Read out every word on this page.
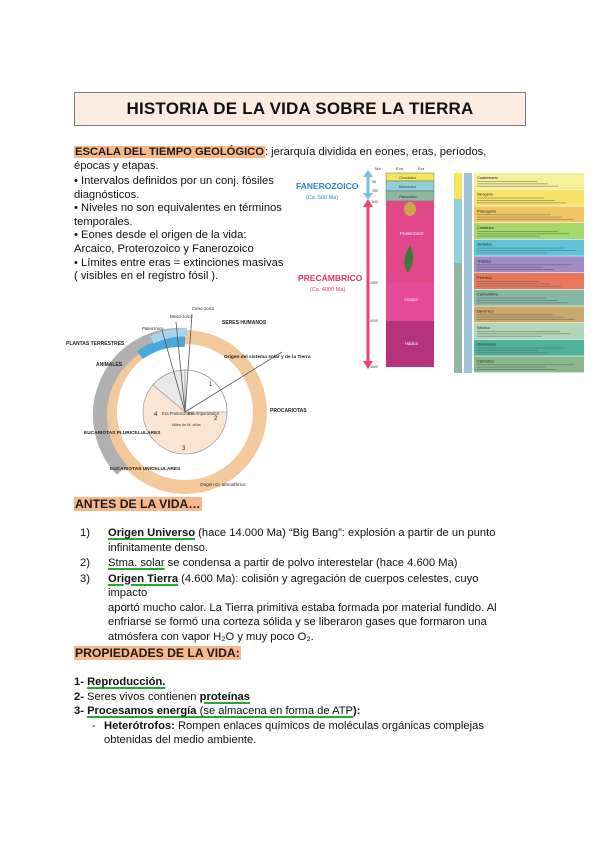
HISTORIA DE LA VIDA SOBRE LA TIERRA
ESCALA DEL TIEMPO GEOLÓGICO: jerarquía dividida en eones, eras, períodos,
épocas y etapas.
• Intervalos definidos por un conj. fósiles
diagnósticos.
• Niveles no son equivalentes en términos
temporales.
• Eones desde el origen de la vida:
Arcaico, Proterozoico y Fanerozoico
• Límites entre eras = extinciones masivas
( visibles en el registro fósil ).
FANEROZOICO
(Ca. 500 Ma)
PRECÁMBRICO
(Ca. 4000 Ma)
Ma	Eón	Era
Cenozoico
Mesozoico
Paleozoico
Proterozoico
Arcaico
Hádico
65
250
540
2500
4000
4600
Cuaternario
Neógeno
Paleógeno
Cretácico
Jurásico
Triásico
Pérmico
Carbonífero
Devónico
Silúrico
Ordovícico
Cámbrico
PLANTAS TERRESTRES
ANIMALES
EUCARIOTAS PLURICELULARES
EUCARIOTAS UNICELULARES
PROCARIOTAS
SERES HUMANOS
Origen del sistema solar y de la Tierra
Origen O₂ atmosférico
Paleozoico
Meso-zoico
Ceno-zoico
Era Proterozoica
Era Arqueozoica
Miles de M. años
1
2
3
4
ANTES DE LA VIDA…
1) Origen Universo (hace 14.000 Ma) “Big Bang”: explosión a partir de un punto
infinitamente denso.
2) Stma. solar se condensa a partir de polvo interestelar (hace 4.600 Ma)
3) Origen Tierra (4.600 Ma): colisión y agregación de cuerpos celestes, cuyo impacto
aportó mucho calor. La Tierra primitiva estaba formada por material fundido. Al
enfriarse se formó una corteza sólida y se liberaron gases que formaron una
atmósfera con vapor H₂O y muy poco O₂.
PROPIEDADES DE LA VIDA:
1- Reproducción.
2- Seres vivos contienen proteínas
3- Procesamos energía (se almacena en forma de ATP):
- Heterótrofos: Rompen enlaces químicos de moléculas orgánicas complejas
obtenidas del medio ambiente.
